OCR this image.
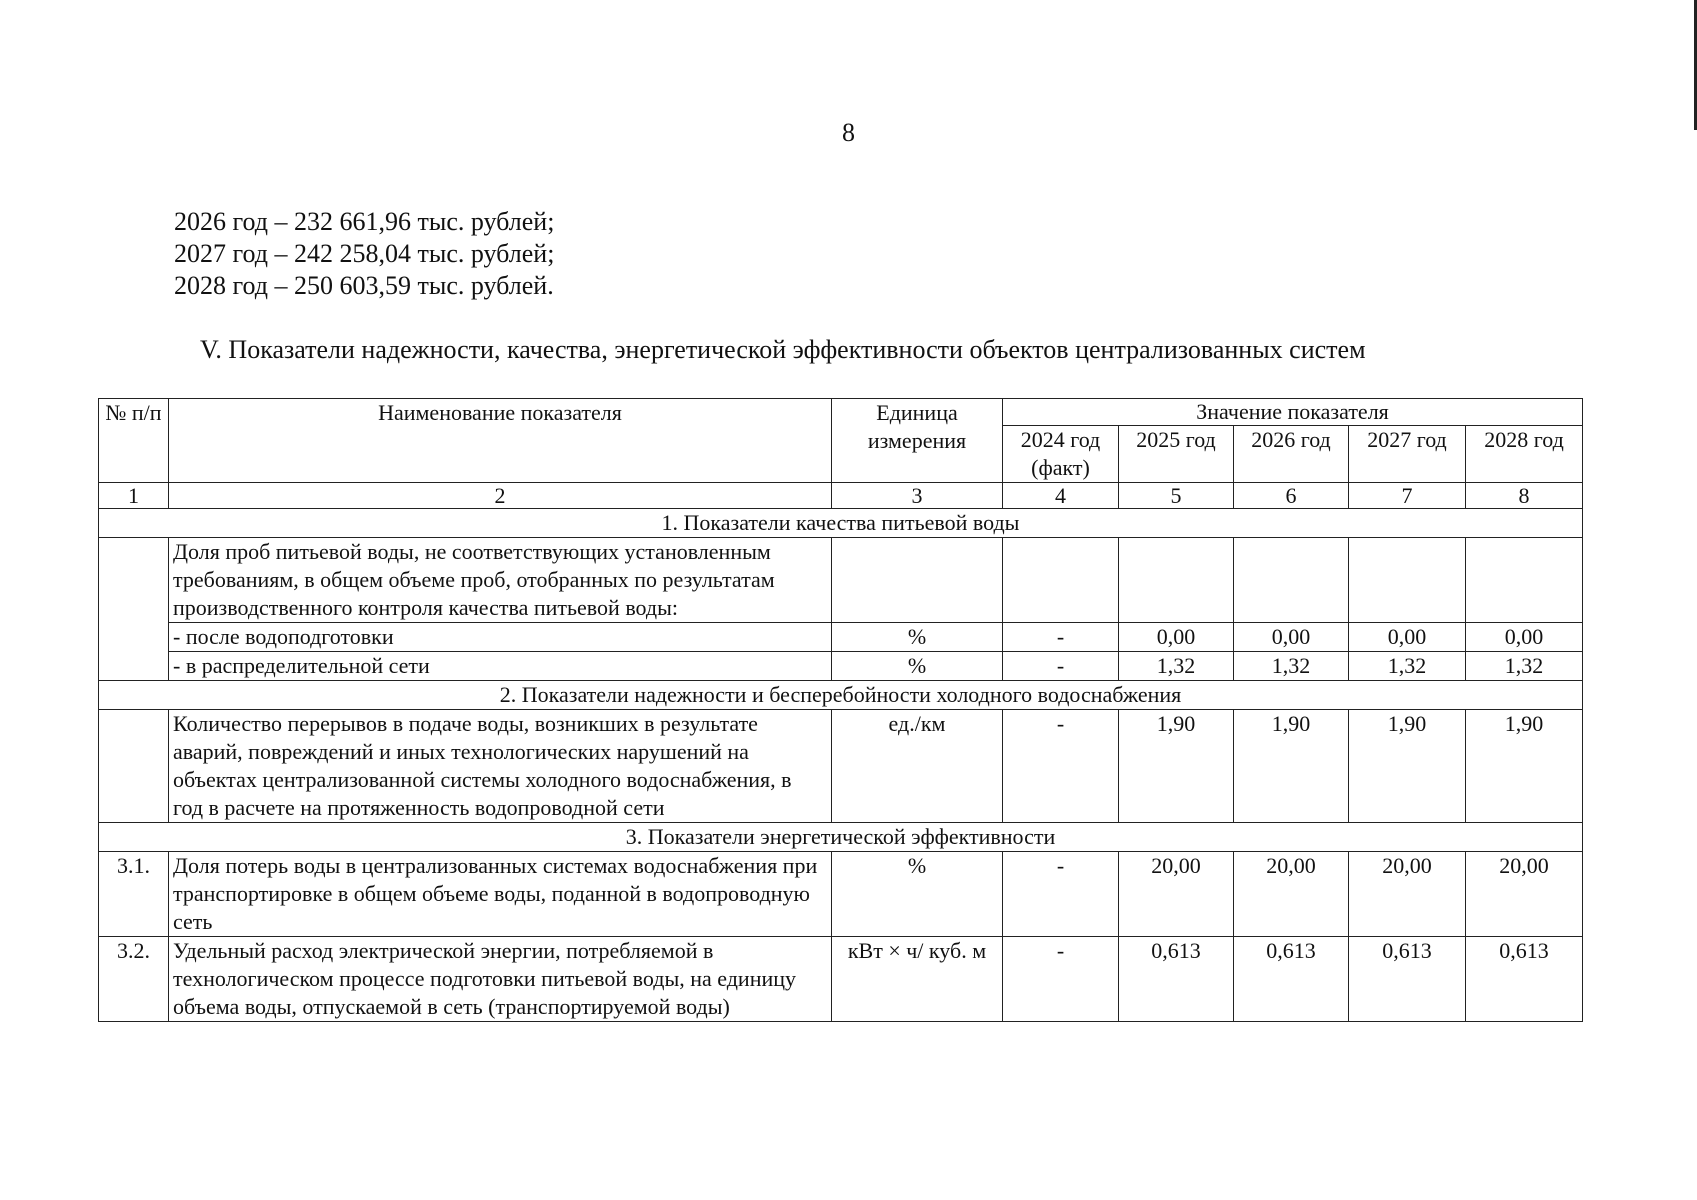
8
2026 год – 232 661,96 тыс. рублей;
2027 год – 242 258,04 тыс. рублей;
2028 год – 250 603,59 тыс. рублей.
V. Показатели надежности, качества, энергетической эффективности объектов централизованных систем
№ п/п	Наименование показателя	Единица измерения	Значение показателя				
			2024 год (факт)	2025 год	2026 год	2027 год	2028 год
1	2	3	4	5	6	7	8
1. Показатели качества питьевой воды							
	Доля проб питьевой воды, не соответствующих установленным требованиям, в общем объеме проб, отобранных по результатам производственного контроля качества питьевой воды:						
	- после водоподготовки	%	-	0,00	0,00	0,00	0,00
	- в распределительной сети	%	-	1,32	1,32	1,32	1,32
2. Показатели надежности и бесперебойности холодного водоснабжения							
	Количество перерывов в подаче воды, возникших в результате аварий, повреждений и иных технологических нарушений на объектах централизованной системы холодного водоснабжения, в год в расчете на протяженность водопроводной сети	ед./км	-	1,90	1,90	1,90	1,90
3. Показатели энергетической эффективности							
3.1.	Доля потерь воды в централизованных системах водоснабжения при транспортировке в общем объеме воды, поданной в водопроводную сеть	%	-	20,00	20,00	20,00	20,00
3.2.	Удельный расход электрической энергии, потребляемой в технологическом процессе подготовки питьевой воды, на единицу объема воды, отпускаемой в сеть (транспортируемой воды)	кВт × ч/ куб. м	-	0,613	0,613	0,613	0,613
